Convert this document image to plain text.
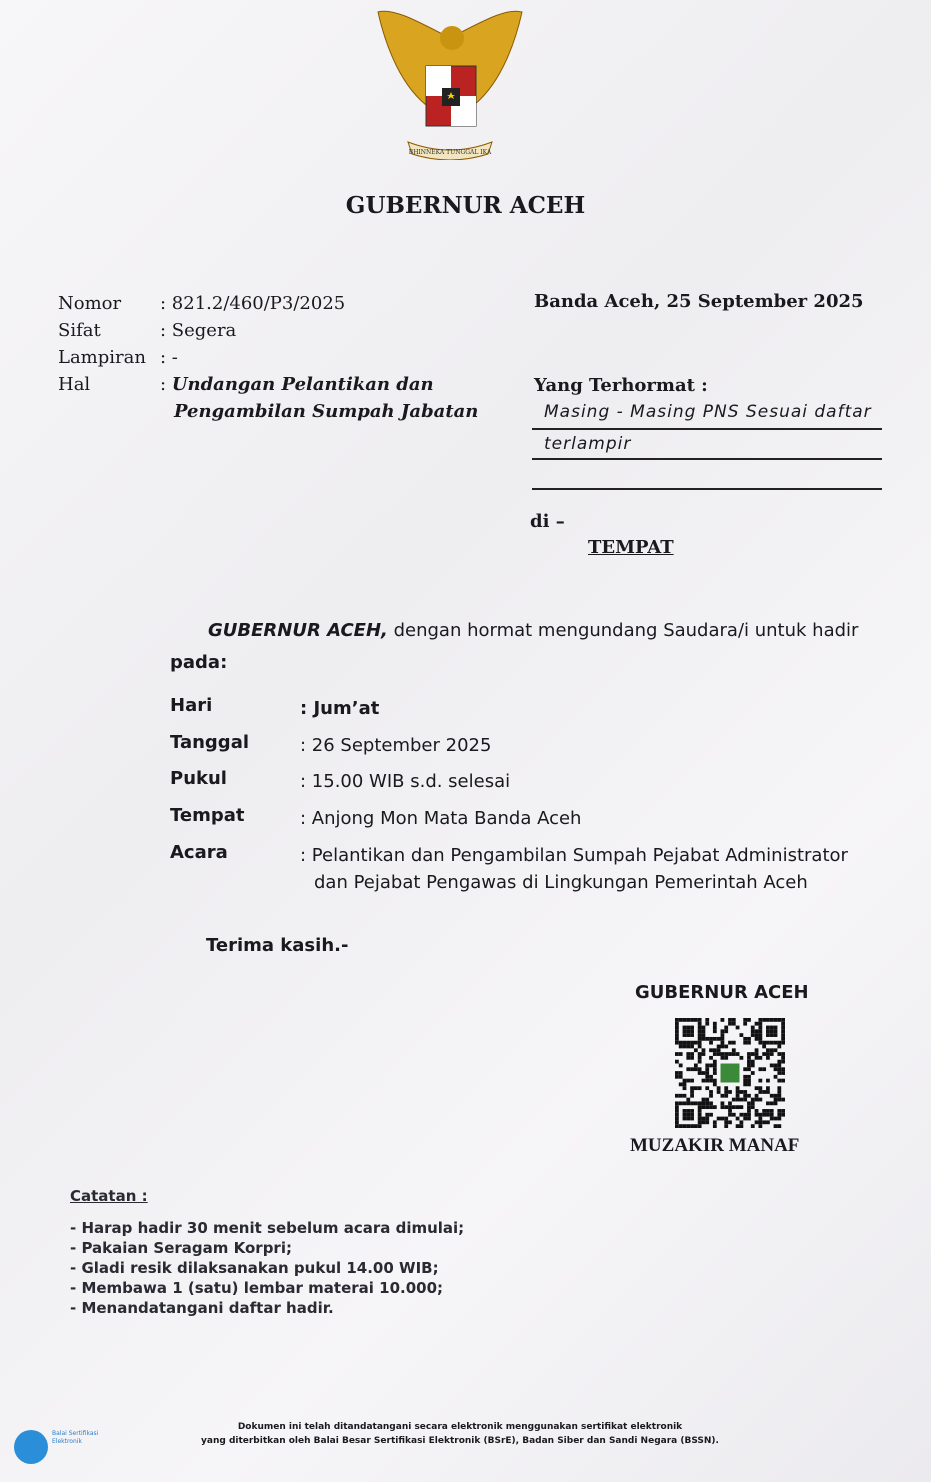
BHINNEKA TUNGGAL IKA
GUBERNUR ACEH
Nomor : 821.2/460/P3/2025
Sifat	: Segera
Lampiran : -
Hal	: Undangan Pelantikan dan
Pengambilan Sumpah Jabatan
Banda Aceh, 25 September 2025
Yang Terhormat :
Masing - Masing PNS Sesuai daftar
terlampir
di –
TEMPAT
GUBERNUR ACEH, dengan hormat mengundang Saudara/i untuk hadir
pada:
Hari	: Jum’at
Tanggal	: 26 September 2025
Pukul	: 15.00 WIB s.d. selesai
Tempat	: Anjong Mon Mata Banda Aceh
Acara	: Pelantikan dan Pengambilan Sumpah Pejabat Administrator
dan Pejabat Pengawas di Lingkungan Pemerintah Aceh
Terima kasih.-
GUBERNUR ACEH
MUZAKIR MANAF
Catatan :
- Harap hadir 30 menit sebelum acara dimulai;
- Pakaian Seragam Korpri;
- Gladi resik dilaksanakan pukul 14.00 WIB;
- Membawa 1 (satu) lembar materai 10.000;
- Menandatangani daftar hadir.
Balai Sertifikasi Elektronik
Dokumen ini telah ditandatangani secara elektronik menggunakan sertifikat elektronik
yang diterbitkan oleh Balai Besar Sertifikasi Elektronik (BSrE), Badan Siber dan Sandi Negara (BSSN).
